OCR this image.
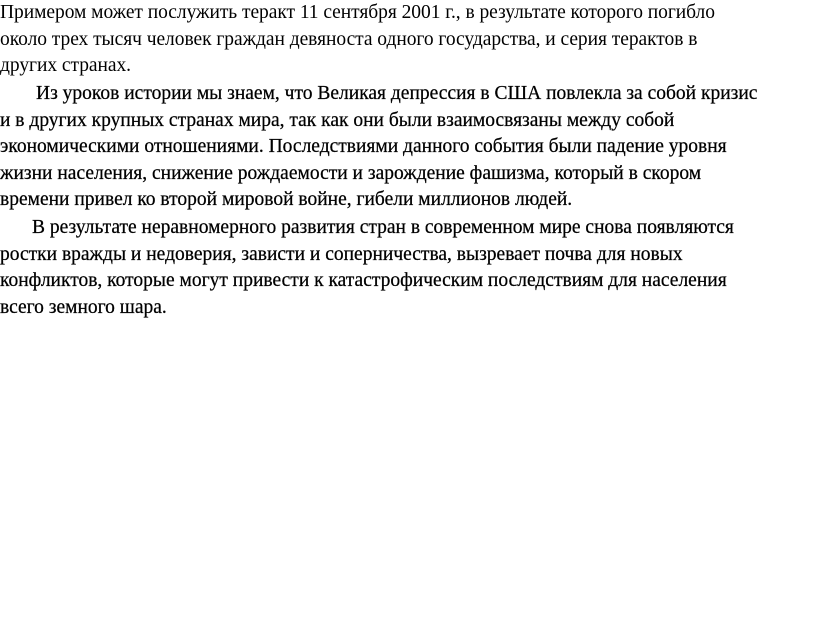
Примером может послужить теракт 11 сентября 2001 г., в результате которого погибло
около трех тысяч человек граждан девяноста одного государства, и серия терактов в
других странах.

Из уроков истории мы знаем, что Великая депрессия в США повлекла за собой кризис
и в других крупных странах мира, так как они были взаимосвязаны между собой
экономическими отношениями. Последствиями данного события были падение уровня
жизни населения, снижение рождаемости и зарождение фашизма, который в скором
времени привел ко второй мировой войне, гибели миллионов людей.

В результате неравномерного развития стран в современном мире снова появляются
ростки вражды и недоверия, зависти и соперничества, вызревает почва для новых
конфликтов, которые могут привести к катастрофическим последствиям для населения
всего земного шара.
